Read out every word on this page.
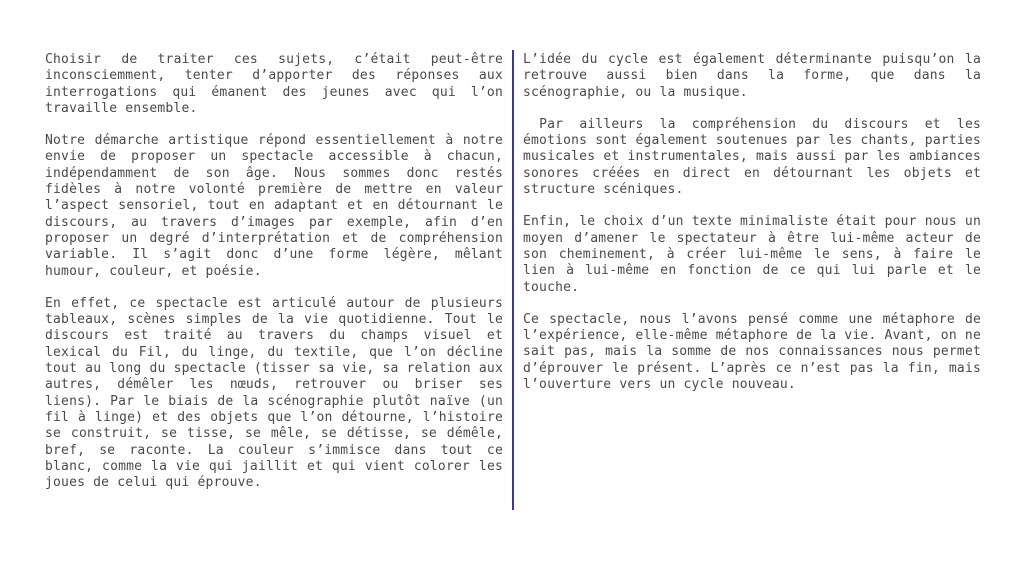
Choisir de traiter ces sujets, c’était peut-être inconsciemment, tenter d’apporter des réponses aux interrogations qui émanent des jeunes avec qui l’on travaille ensemble.

Notre démarche artistique répond essentiellement à notre envie de proposer un spectacle accessible à chacun, indépendamment de son âge. Nous sommes donc restés fidèles à notre volonté première de mettre en valeur l’aspect sensoriel, tout en adaptant et en détournant le discours, au travers d’images par exemple, afin d’en proposer un degré d’interprétation et de compréhension variable. Il s’agit donc d’une forme légère, mêlant humour, couleur, et poésie.

En effet, ce spectacle est articulé autour de plusieurs tableaux, scènes simples de la vie quotidienne. Tout le discours est traité au travers du champs visuel et lexical du Fil, du linge, du textile, que l’on décline tout au long du spectacle (tisser sa vie, sa relation aux autres, démêler les nœuds, retrouver ou briser ses liens). Par le biais de la scénographie plutôt naïve (un fil à linge) et des objets que l’on détourne, l’histoire se construit, se tisse, se mêle, se détisse, se démêle, bref, se raconte. La couleur s’immisce dans tout ce blanc, comme la vie qui jaillit et qui vient colorer les joues de celui qui éprouve.

L’idée du cycle est également déterminante puisqu’on la retrouve aussi bien dans la forme, que dans la scénographie, ou la musique.

Par ailleurs la compréhension du discours et les émotions sont également soutenues par les chants, parties musicales et instrumentales, mais aussi par les ambiances sonores créées en direct en détournant les objets et structure scéniques.

Enfin, le choix d’un texte minimaliste était pour nous un moyen d’amener le spectateur à être lui-même acteur de son cheminement, à créer lui-même le sens, à faire le lien à lui-même en fonction de ce qui lui parle et le touche.

Ce spectacle, nous l’avons pensé comme une métaphore de l’expérience, elle-même métaphore de la vie. Avant, on ne sait pas, mais la somme de nos connaissances nous permet d’éprouver le présent. L’après ce n’est pas la fin, mais l’ouverture vers un cycle nouveau.
